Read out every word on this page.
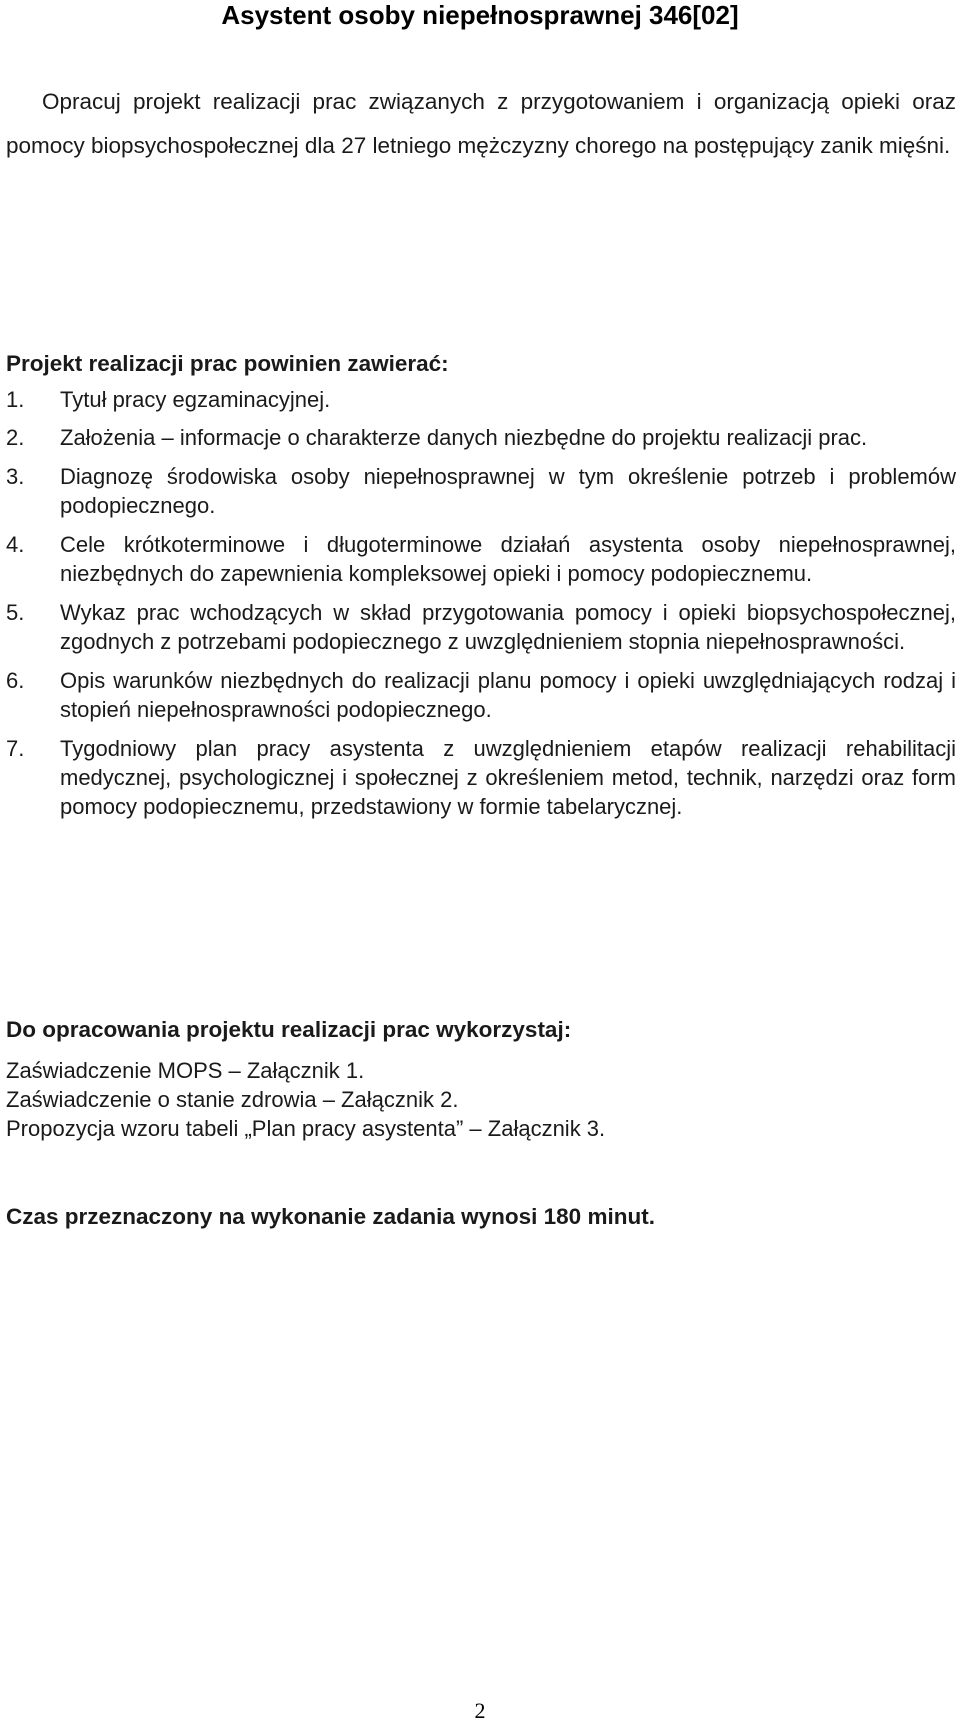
Asystent osoby niepełnosprawnej 346[02]

Opracuj projekt realizacji prac związanych z przygotowaniem i organizacją opieki oraz pomocy biopsychospołecznej dla 27 letniego mężczyzny chorego na postępujący zanik mięśni.

Projekt realizacji prac powinien zawierać:
1.	Tytuł pracy egzaminacyjnej.
2.	Założenia – informacje o charakterze danych niezbędne do projektu realizacji prac.
3.	Diagnozę środowiska osoby niepełnosprawnej w tym określenie potrzeb i problemów podopiecznego.
4.	Cele krótkoterminowe i długoterminowe działań asystenta osoby niepełnosprawnej, niezbędnych do zapewnienia kompleksowej opieki i pomocy podopiecznemu.
5.	Wykaz prac wchodzących w skład przygotowania pomocy i opieki biopsychospołecznej, zgodnych z potrzebami podopiecznego z uwzględnieniem stopnia niepełnosprawności.
6.	Opis warunków niezbędnych do realizacji planu pomocy i opieki uwzględniających rodzaj i stopień niepełnosprawności podopiecznego.
7.	Tygodniowy plan pracy asystenta z uwzględnieniem etapów realizacji rehabilitacji medycznej, psychologicznej i społecznej z określeniem metod, technik, narzędzi oraz form pomocy podopiecznemu, przedstawiony w formie tabelarycznej.
Do opracowania projektu realizacji prac wykorzystaj:
Zaświadczenie MOPS – Załącznik 1.
Zaświadczenie o stanie zdrowia – Załącznik 2.
Propozycja wzoru tabeli „Plan pracy asystenta” – Załącznik 3.
Czas przeznaczony na wykonanie zadania wynosi 180 minut.
2
